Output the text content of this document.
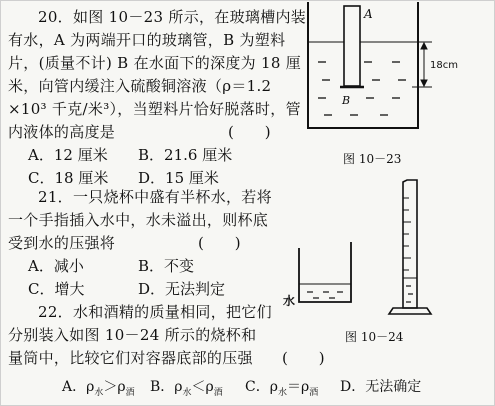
20．如图 10－23 所示，在玻璃槽内装
有水，A 为两端开口的玻璃管，B 为塑料
片，(质量不计) B 在水面下的深度为 18 厘
米，向管内缓注入硫酸铜溶液（ρ＝1.2
×10³ 千克/米³），当塑料片恰好脱落时，管
内液体的高度是	(　　)
A．12 厘米 B．21.6 厘米
C．18 厘米 D．15 厘米
21．一只烧杯中盛有半杯水，若将
一个手指插入水中，水未溢出，则杯底
受到水的压强将	(　　)
A．减小	B．不变
C．增大	D．无法判定
22．水和酒精的质量相同，把它们
分别装入如图 10－24 所示的烧杯和
量筒中，比较它们对容器底部的压强 (　　)
A．$\rho_水>\rho_酒$ B．$\rho_水<\rho_酒$ C．$\rho_水=\rho_酒$ D．无法确定
A
B
18cm
图 10－23
水
图 10－24
